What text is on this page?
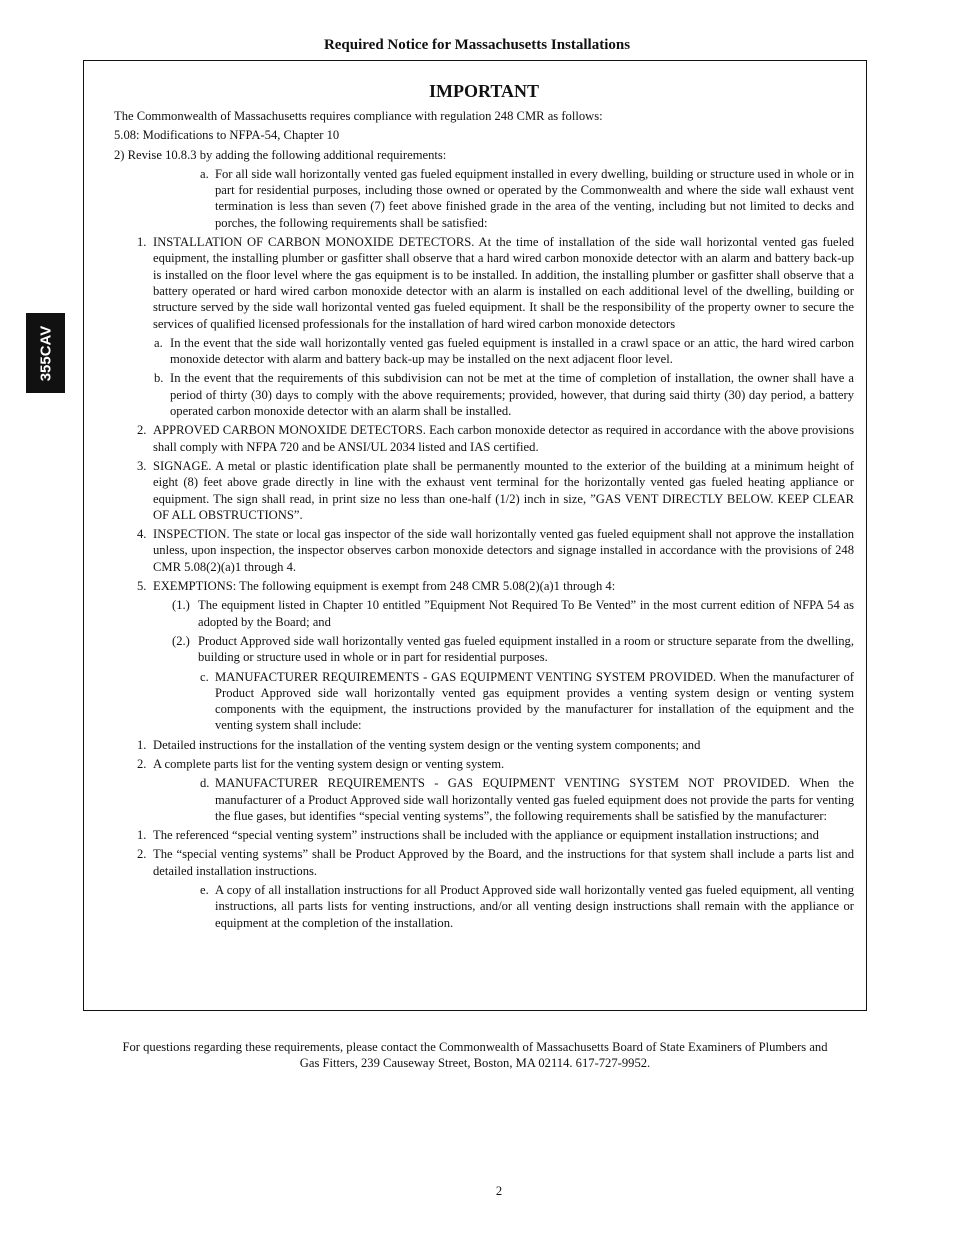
Required Notice for Massachusetts Installations
355CAV
IMPORTANT
The Commonwealth of Massachusetts requires compliance with regulation 248 CMR as follows:
5.08: Modifications to NFPA-54, Chapter 10
2) Revise 10.8.3 by adding the following additional requirements:
a. For all side wall horizontally vented gas fueled equipment installed in every dwelling, building or structure used in whole or in part for residential purposes, including those owned or operated by the Commonwealth and where the side wall exhaust vent termination is less than seven (7) feet above finished grade in the area of the venting, including but not limited to decks and porches, the following requirements shall be satisfied:
1. INSTALLATION OF CARBON MONOXIDE DETECTORS. At the time of installation of the side wall horizontal vented gas fueled equipment, the installing plumber or gasfitter shall observe that a hard wired carbon monoxide detector with an alarm and battery back-up is installed on the floor level where the gas equipment is to be installed. In addition, the installing plumber or gasfitter shall observe that a battery operated or hard wired carbon monoxide detector with an alarm is installed on each additional level of the dwelling, building or structure served by the side wall horizontal vented gas fueled equipment. It shall be the responsibility of the property owner to secure the services of qualified licensed professionals for the installation of hard wired carbon monoxide detectors
a. In the event that the side wall horizontally vented gas fueled equipment is installed in a crawl space or an attic, the hard wired carbon monoxide detector with alarm and battery back-up may be installed on the next adjacent floor level.
b. In the event that the requirements of this subdivision can not be met at the time of completion of installation, the owner shall have a period of thirty (30) days to comply with the above requirements; provided, however, that during said thirty (30) day period, a battery operated carbon monoxide detector with an alarm shall be installed.
2. APPROVED CARBON MONOXIDE DETECTORS. Each carbon monoxide detector as required in accordance with the above provisions shall comply with NFPA 720 and be ANSI/UL 2034 listed and IAS certified.
3. SIGNAGE. A metal or plastic identification plate shall be permanently mounted to the exterior of the building at a minimum height of eight (8) feet above grade directly in line with the exhaust vent terminal for the horizontally vented gas fueled heating appliance or equipment. The sign shall read, in print size no less than one-half (1/2) inch in size, ”GAS VENT DIRECTLY BELOW. KEEP CLEAR OF ALL OBSTRUCTIONS”.
4. INSPECTION. The state or local gas inspector of the side wall horizontally vented gas fueled equipment shall not approve the installation unless, upon inspection, the inspector observes carbon monoxide detectors and signage installed in accordance with the provisions of 248 CMR 5.08(2)(a)1 through 4.
5. EXEMPTIONS: The following equipment is exempt from 248 CMR 5.08(2)(a)1 through 4:
(1.) The equipment listed in Chapter 10 entitled ”Equipment Not Required To Be Vented” in the most current edition of NFPA 54 as adopted by the Board; and
(2.) Product Approved side wall horizontally vented gas fueled equipment installed in a room or structure separate from the dwelling, building or structure used in whole or in part for residential purposes.
c. MANUFACTURER REQUIREMENTS - GAS EQUIPMENT VENTING SYSTEM PROVIDED. When the manufacturer of Product Approved side wall horizontally vented gas equipment provides a venting system design or venting system components with the equipment, the instructions provided by the manufacturer for installation of the equipment and the venting system shall include:
1. Detailed instructions for the installation of the venting system design or the venting system components; and
2. A complete parts list for the venting system design or venting system.
d. MANUFACTURER REQUIREMENTS - GAS EQUIPMENT VENTING SYSTEM NOT PROVIDED. When the manufacturer of a Product Approved side wall horizontally vented gas fueled equipment does not provide the parts for venting the flue gases, but identifies “special venting systems”, the following requirements shall be satisfied by the manufacturer:
1. The referenced “special venting system” instructions shall be included with the appliance or equipment installation instructions; and
2. The “special venting systems” shall be Product Approved by the Board, and the instructions for that system shall include a parts list and detailed installation instructions.
e. A copy of all installation instructions for all Product Approved side wall horizontally vented gas fueled equipment, all venting instructions, all parts lists for venting instructions, and/or all venting design instructions shall remain with the appliance or equipment at the completion of the installation.
For questions regarding these requirements, please contact the Commonwealth of Massachusetts Board of State Examiners of Plumbers and
Gas Fitters, 239 Causeway Street, Boston, MA 02114. 617-727-9952.
2
